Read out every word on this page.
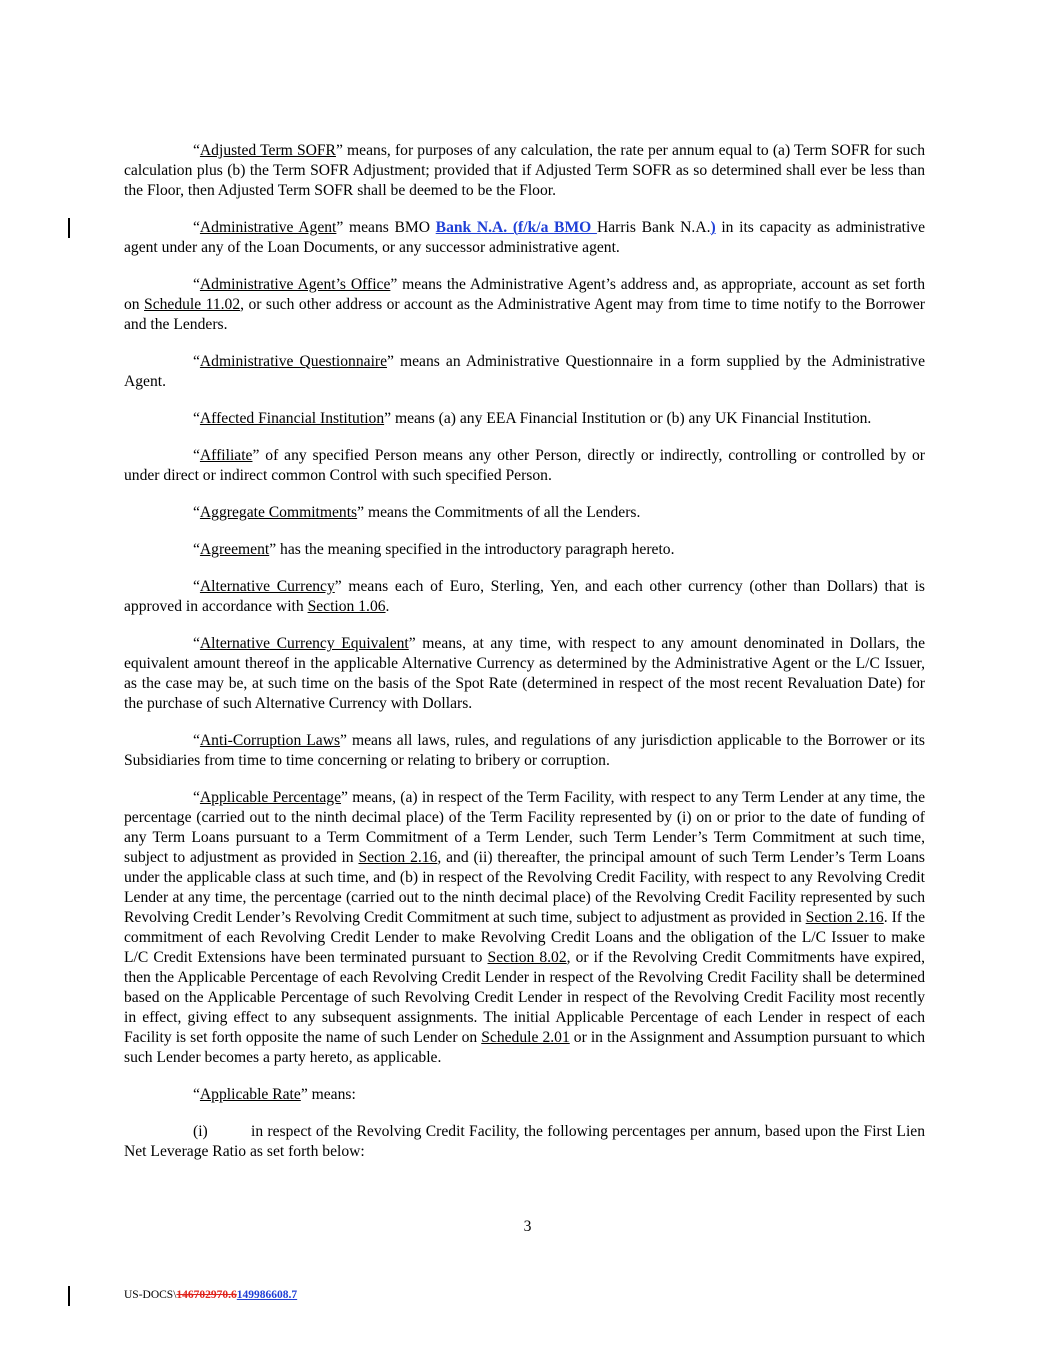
“Adjusted Term SOFR” means, for purposes of any calculation, the rate per annum equal to (a) Term SOFR for such calculation plus (b) the Term SOFR Adjustment; provided that if Adjusted Term SOFR as so determined shall ever be less than the Floor, then Adjusted Term SOFR shall be deemed to be the Floor.

“Administrative Agent” means BMO Bank N.A. (f/k/a BMO Harris Bank N.A.) in its capacity as administrative agent under any of the Loan Documents, or any successor administrative agent.

“Administrative Agent’s Office” means the Administrative Agent’s address and, as appropriate, account as set forth on Schedule 11.02, or such other address or account as the Administrative Agent may from time to time notify to the Borrower and the Lenders.

“Administrative Questionnaire” means an Administrative Questionnaire in a form supplied by the Administrative Agent.

“Affected Financial Institution” means (a) any EEA Financial Institution or (b) any UK Financial Institution.

“Affiliate” of any specified Person means any other Person, directly or indirectly, controlling or controlled by or under direct or indirect common Control with such specified Person.

“Aggregate Commitments” means the Commitments of all the Lenders.

“Agreement” has the meaning specified in the introductory paragraph hereto.

“Alternative Currency” means each of Euro, Sterling, Yen, and each other currency (other than Dollars) that is approved in accordance with Section 1.06.

“Alternative Currency Equivalent” means, at any time, with respect to any amount denominated in Dollars, the equivalent amount thereof in the applicable Alternative Currency as determined by the Administrative Agent or the L/C Issuer, as the case may be, at such time on the basis of the Spot Rate (determined in respect of the most recent Revaluation Date) for the purchase of such Alternative Currency with Dollars.

“Anti-Corruption Laws” means all laws, rules, and regulations of any jurisdiction applicable to the Borrower or its Subsidiaries from time to time concerning or relating to bribery or corruption.

“Applicable Percentage” means, (a) in respect of the Term Facility, with respect to any Term Lender at any time, the percentage (carried out to the ninth decimal place) of the Term Facility represented by (i) on or prior to the date of funding of any Term Loans pursuant to a Term Commitment of a Term Lender, such Term Lender’s Term Commitment at such time, subject to adjustment as provided in Section 2.16, and (ii) thereafter, the principal amount of such Term Lender’s Term Loans under the applicable class at such time, and (b) in respect of the Revolving Credit Facility, with respect to any Revolving Credit Lender at any time, the percentage (carried out to the ninth decimal place) of the Revolving Credit Facility represented by such Revolving Credit Lender’s Revolving Credit Commitment at such time, subject to adjustment as provided in Section 2.16. If the commitment of each Revolving Credit Lender to make Revolving Credit Loans and the obligation of the L/C Issuer to make L/C Credit Extensions have been terminated pursuant to Section 8.02, or if the Revolving Credit Commitments have expired, then the Applicable Percentage of each Revolving Credit Lender in respect of the Revolving Credit Facility shall be determined based on the Applicable Percentage of such Revolving Credit Lender in respect of the Revolving Credit Facility most recently in effect, giving effect to any subsequent assignments. The initial Applicable Percentage of each Lender in respect of each Facility is set forth opposite the name of such Lender on Schedule 2.01 or in the Assignment and Assumption pursuant to which such Lender becomes a party hereto, as applicable.

“Applicable Rate” means:

(i)	in respect of the Revolving Credit Facility, the following percentages per annum, based upon the First Lien Net Leverage Ratio as set forth below:

3
US-DOCS\146702970.6149986608.7
